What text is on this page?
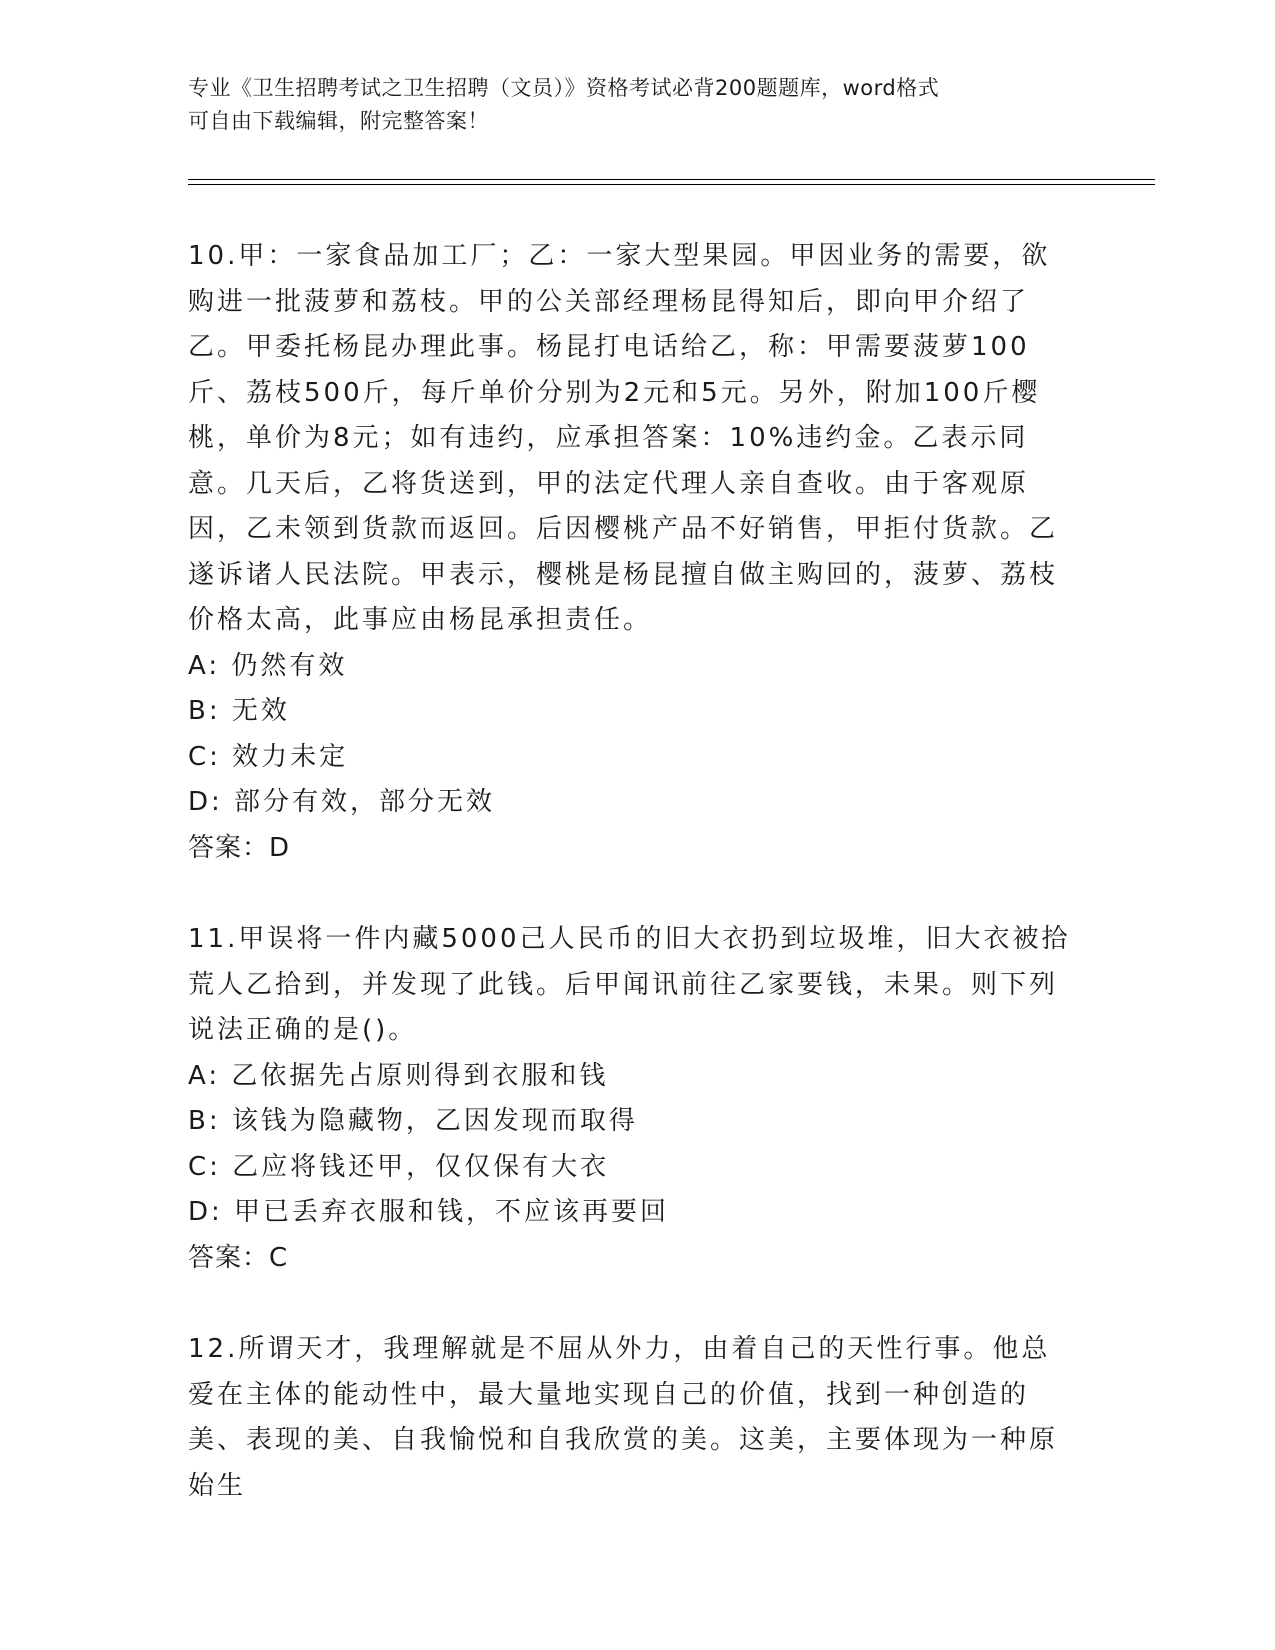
专业《卫生招聘考试之卫生招聘（文员）》资格考试必背200题题库，word格式
可自由下载编辑，附完整答案！

10.甲：一家食品加工厂；乙：一家大型果园。甲因业务的需要，欲购进一批菠萝和荔枝。甲的公关部经理杨昆得知后，即向甲介绍了乙。甲委托杨昆办理此事。杨昆打电话给乙，称：甲需要菠萝100斤、荔枝500斤，每斤单价分别为2元和5元。另外，附加100斤樱桃，单价为8元；如有违约，应承担答案：10%违约金。乙表示同意。几天后，乙将货送到，甲的法定代理人亲自查收。由于客观原因，乙未领到货款而返回。后因樱桃产品不好销售，甲拒付货款。乙遂诉诸人民法院。甲表示，樱桃是杨昆擅自做主购回的，菠萝、荔枝价格太高，此事应由杨昆承担责任。

A: 仍然有效

B: 无效

C: 效力未定

D: 部分有效，部分无效

答案：D

11.甲误将一件内藏5000己人民币的旧大衣扔到垃圾堆，旧大衣被拾荒人乙拾到，并发现了此钱。后甲闻讯前往乙家要钱，未果。则下列说法正确的是()。

A: 乙依据先占原则得到衣服和钱

B: 该钱为隐藏物，乙因发现而取得

C: 乙应将钱还甲，仅仅保有大衣

D: 甲已丢弃衣服和钱，不应该再要回

答案：C

12.所谓天才，我理解就是不屈从外力，由着自己的天性行事。他总爱在主体的能动性中，最大量地实现自己的价值，找到一种创造的美、表现的美、自我愉悦和自我欣赏的美。这美，主要体现为一种原始生
